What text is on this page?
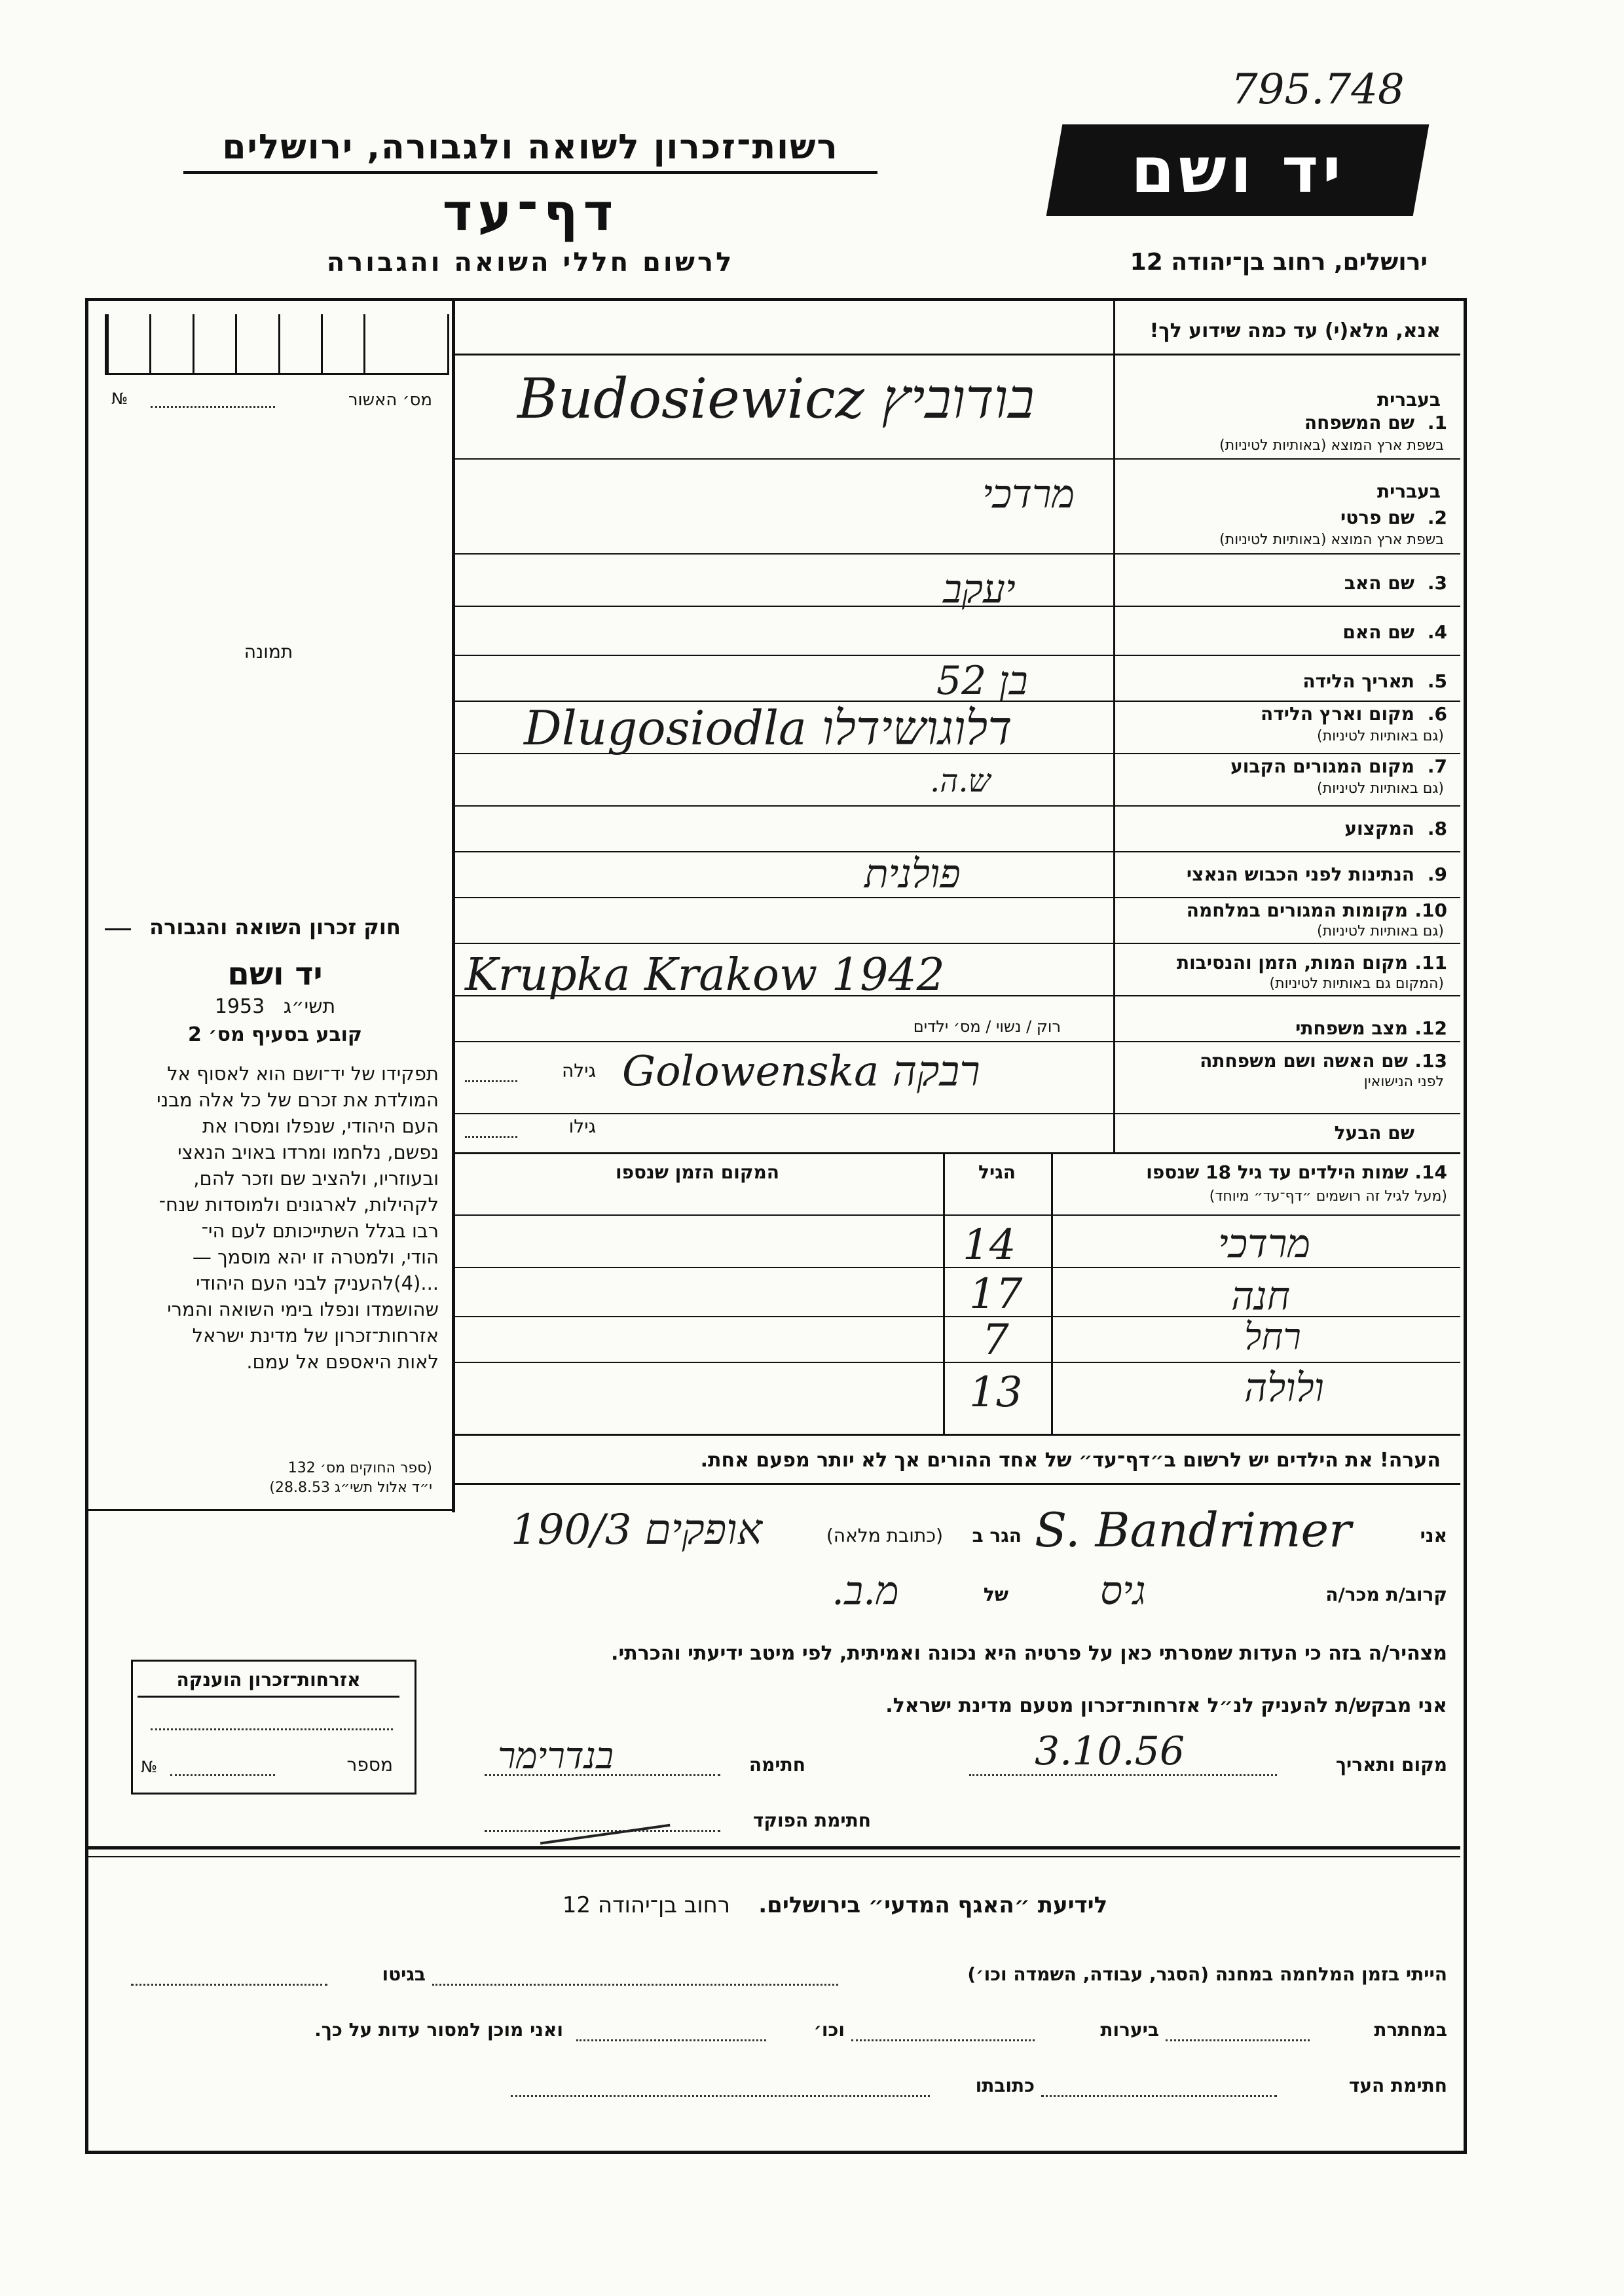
795.748
רשות־זכרון לשואה ולגבורה, ירושלים
דף־עד
לרשום חללי השואה והגבורה
יד ושם
ירושלים, רחוב בן־יהודה 12
אנא, מלא(י) עד כמה שידוע לך!
מס׳ האשור
№
תמונה
בעברית
1.
שם המשפחה
בשפת ארץ המוצא (באותיות לטיניות)
Budosiewicz בודוביץ
בעברית
2.
שם פרטי
בשפת ארץ המוצא (באותיות לטיניות)
מרדכי
3.
שם האב
יעקב
4.
שם האם
5.
תאריך הלידה
בן 52
6.
מקום וארץ הלידה
(גם באותיות לטיניות)
Dlugosiodla דלוגושידלו
7.
מקום המגורים הקבוע
(גם באותיות לטיניות)
ש.ה.
8.
המקצוע
9.
הנתינות לפני הכבוש הנאצי
פולנית
10.
מקומות המגורים במלחמה
(גם באותיות לטיניות)
11.
מקום המות, הזמן והנסיבות
(המקום גם באותיות לטיניות)
Krupka Krakow 1942
רוק / נשוי / מס׳ ילדים	12.
מצב משפחתי
13.
שם האשה ושם משפחתה
לפני הנישואין
Golowenska רבקה
גילה
שם הבעל
גילו
14. שמות הילדים עד גיל 18 שנספו
(מעל לגיל זה רושמים ״דף־עד״ מיוחד)
הגיל
המקום הזמן שנספו
מרדכי
14
חנה
17
רחל
7
ולולה
13
הערה! את הילדים יש לרשום ב״דף־עד״ של אחד ההורים אך לא יותר מפעם אחת.
חוק זכרון השואה והגבורה
יד ושם
1953 תשי״ג
קובע בסעיף מס׳ 2
תפקידו של יד־ושם הוא לאסוף אל
המולדת את זכרם של כל אלה מבני
העם היהודי, שנפלו ומסרו את
נפשם, נלחמו ומרדו באויב הנאצי
ובעוזריו, ולהציב שם וזכר להם,
לקהילות, לארגונים ולמוסדות שנח־
רבו בגלל השתייכותם לעם הי־
הודי, ולמטרה זו יהא מוסמך —
...(4)להעניק לבני העם היהודי
שהושמדו ונפלו בימי השואה והמרי
אזרחות־זכרון של מדינת ישראל
לאות היאספם אל עמם.
(ספר החוקים מס׳ 132
י״ד אלול תשי״ג 28.8.53)
אני
S. Bandrimer
הגר ב
(כתובת מלאה)
אופקים 190/3
קרוב/ת מכר/ה
גיס
של
מ.ב.
מצהיר/ה בזה כי העדות שמסרתי כאן על פרטיה היא נכונה ואמיתית, לפי מיטב ידיעתי והכרתי.
אני מבקש/ת להעניק לנ״ל אזרחות־זכרון מטעם מדינת ישראל.
מקום ותאריך
3.10.56
חתימה
בנדרימר
חתימת הפוקד
אזרחות־זכרון הוענקה
מספר
№
לידיעת ״האגף המדעי״ בירושלים.    רחוב בן־יהודה 12
הייתי בזמן המלחמה במחנה (הסגר, עבודה, השמדה וכו׳)
בגיטו
במחתרת
ביערות
וכו׳
ואני מוכן למסור עדות על כך.
חתימת העד
כתובתו
